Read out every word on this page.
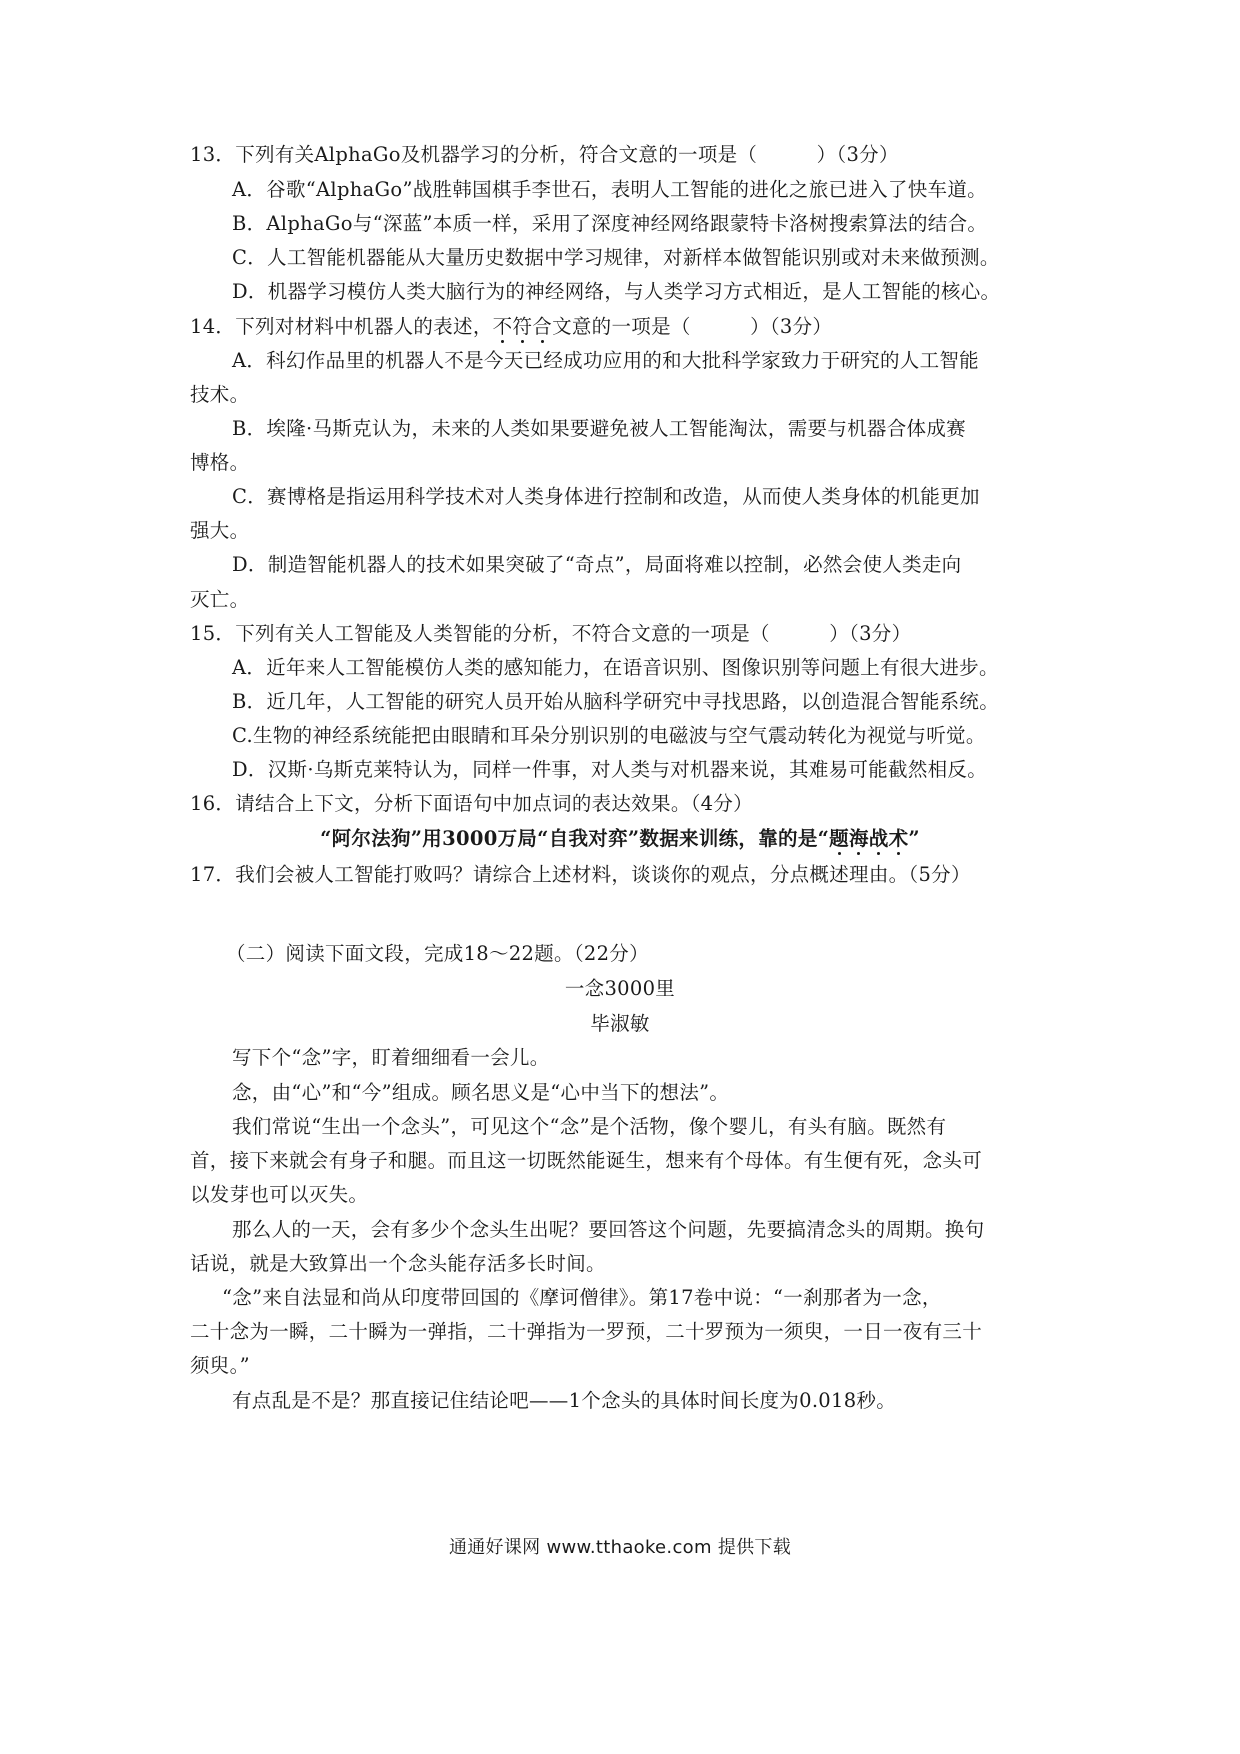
13．下列有关AlphaGo及机器学习的分析，符合文意的一项是（　　　）（3分）
A．谷歌“AlphaGo”战胜韩国棋手李世石，表明人工智能的进化之旅已进入了快车道。
B．AlphaGo与“深蓝”本质一样，采用了深度神经网络跟蒙特卡洛树搜索算法的结合。
C．人工智能机器能从大量历史数据中学习规律，对新样本做智能识别或对未来做预测。
D．机器学习模仿人类大脑行为的神经网络，与人类学习方式相近，是人工智能的核心。
14．下列对材料中机器人的表述，不符合文意的一项是（　　　）（3分）
A．科幻作品里的机器人不是今天已经成功应用的和大批科学家致力于研究的人工智能
技术。
B．埃隆·马斯克认为，未来的人类如果要避免被人工智能淘汰，需要与机器合体成赛
博格。
C．赛博格是指运用科学技术对人类身体进行控制和改造，从而使人类身体的机能更加
强大。
D．制造智能机器人的技术如果突破了“奇点”，局面将难以控制，必然会使人类走向
灭亡。
15．下列有关人工智能及人类智能的分析，不符合文意的一项是（　　　）（3分）
A．近年来人工智能模仿人类的感知能力，在语音识别、图像识别等问题上有很大进步。
B．近几年，人工智能的研究人员开始从脑科学研究中寻找思路，以创造混合智能系统。
C.生物的神经系统能把由眼睛和耳朵分别识别的电磁波与空气震动转化为视觉与听觉。
D．汉斯·乌斯克莱特认为，同样一件事，对人类与对机器来说，其难易可能截然相反。
16．请结合上下文，分析下面语句中加点词的表达效果。（4分）
“阿尔法狗”用3000万局“自我对弈”数据来训练，靠的是“题海战术”
17．我们会被人工智能打败吗？请综合上述材料，谈谈你的观点，分点概述理由。（5分）
（二）阅读下面文段，完成18～22题。（22分）
一念3000里
毕淑敏
写下个“念”字，盯着细细看一会儿。
念，由“心”和“今”组成。顾名思义是“心中当下的想法”。
我们常说“生出一个念头”，可见这个“念”是个活物，像个婴儿，有头有脑。既然有
首，接下来就会有身子和腿。而且这一切既然能诞生，想来有个母体。有生便有死，念头可
以发芽也可以灭失。
那么人的一天，会有多少个念头生出呢？要回答这个问题，先要搞清念头的周期。换句
话说，就是大致算出一个念头能存活多长时间。
“念”来自法显和尚从印度带回国的《摩诃僧律》。第17卷中说：“一刹那者为一念，
二十念为一瞬，二十瞬为一弹指，二十弹指为一罗预，二十罗预为一须臾，一日一夜有三十
须臾。”
有点乱是不是？那直接记住结论吧——1个念头的具体时间长度为0.018秒。
通通好课网 www.tthaoke.com 提供下载
